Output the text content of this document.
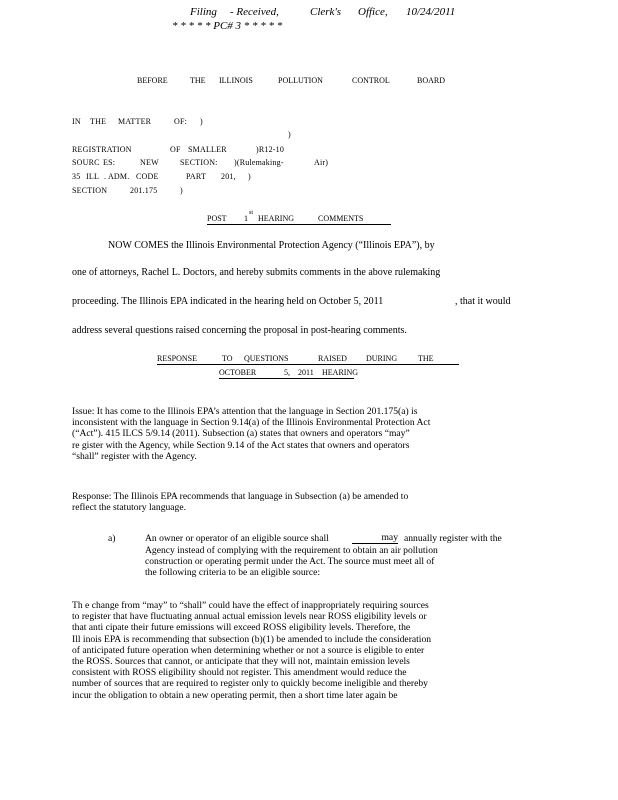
Filing - Received,	Clerk's Office, 10/24/2011
* * * * * PC# 3 * * * * *
BEFORE	THE ILLINOIS	POLLUTION	CONTROL	BOARD
IN THE MATTER	OF: )
)
REGISTRATION	OF SMALLER	)R12-10
SOURC ES:	NEW	SECTION: )(Rulemaking-	Air)
35 ILL . ADM. CODE	PART 201, )
SECTION	201.175	)
POST 1
st
HEARING	COMMENTS
NOW COMES the Illinois Environmental Protection Agency (“Illinois EPA”), by
one of attorneys, Rachel L. Doctors, and hereby submits comments in the above rulemaking
proceeding. The Illinois EPA indicated in the hearing held on October 5, 2011	, that it would
address several questions raised concerning the proposal in post-hearing comments.
RESPONSE	TO QUESTIONS	RAISED DURING	THE
OCTOBER	5, 2011 HEARING
Issue: It has come to the Illinois EPA’s attention that the language in Section 201.175(a) is
inconsistent with the language in Section 9.14(a) of the Illinois Environmental Protection Act
(“Act”). 415 ILCS 5/9.14 (2011). Subsection (a) states that owners and operators “may”
re gister with the Agency, while Section 9.14 of the Act states that owners and operators
“shall” register with the Agency.
Response: The Illinois EPA recommends that language in Subsection (a) be amended to
reflect the statutory language.
a)	An owner or operator of an eligible source shall	may annually register with the
Agency instead of complying with the requirement to obtain an air pollution
construction or operating permit under the Act. The source must meet all of
the following criteria to be an eligible source:
Th e change from “may” to “shall” could have the effect of inappropriately requiring sources
to register that have fluctuating annual actual emission levels near ROSS eligibility levels or
that anti cipate their future emissions will exceed ROSS eligibility levels. Therefore, the
Ill inois EPA is recommending that subsection (b)(1) be amended to include the consideration
of anticipated future operation when determining whether or not a source is eligible to enter
the ROSS. Sources that cannot, or anticipate that they will not, maintain emission levels
consistent with ROSS eligibility should not register. This amendment would reduce the
number of sources that are required to register only to quickly become ineligible and thereby
incur the obligation to obtain a new operating permit, then a short time later again be
